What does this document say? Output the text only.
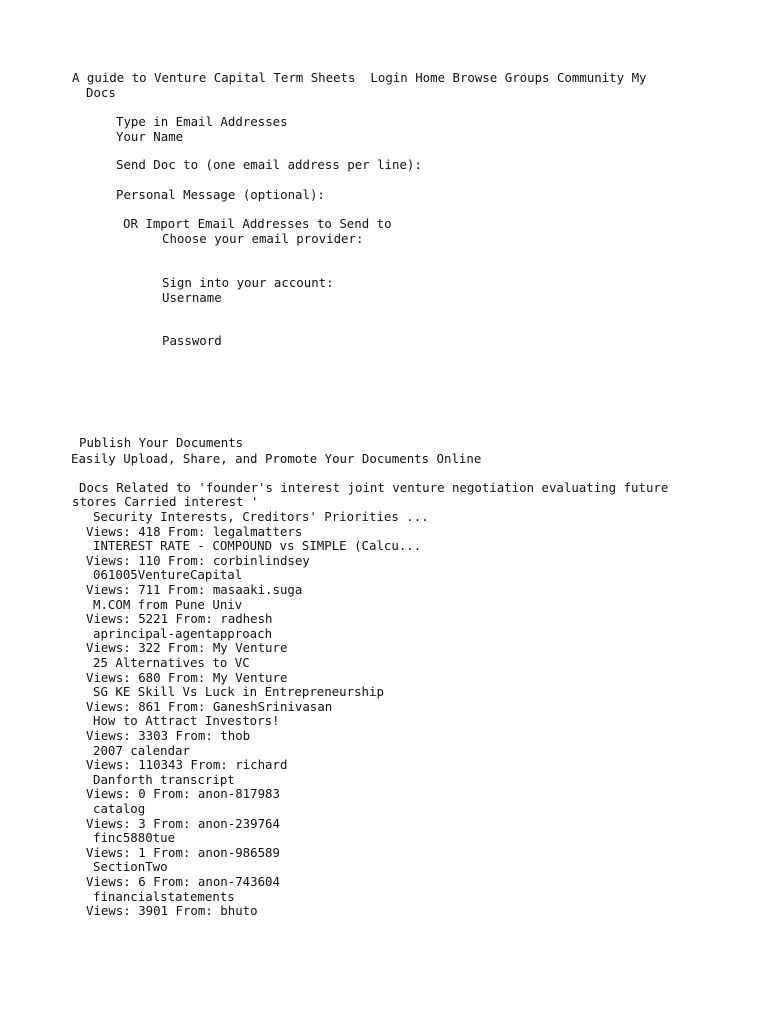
A guide to Venture Capital Term Sheets Login Home Browse Groups Community My
Docs
Type in Email Addresses
Your Name
Send Doc to (one email address per line):
Personal Message (optional):
OR Import Email Addresses to Send to
Choose your email provider:
Sign into your account:
Username
Password
Publish Your Documents
Easily Upload, Share, and Promote Your Documents Online
Docs Related to 'founder's interest joint venture negotiation evaluating future
stores Carried interest '
Security Interests, Creditors' Priorities ...
Views: 418 From: legalmatters
INTEREST RATE - COMPOUND vs SIMPLE (Calcu...
Views: 110 From: corbinlindsey
061005VentureCapital
Views: 711 From: masaaki.suga
M.COM from Pune Univ
Views: 5221 From: radhesh
aprincipal-agentapproach
Views: 322 From: My Venture
25 Alternatives to VC
Views: 680 From: My Venture
SG KE Skill Vs Luck in Entrepreneurship
Views: 861 From: GaneshSrinivasan
How to Attract Investors!
Views: 3303 From: thob
2007 calendar
Views: 110343 From: richard
Danforth transcript
Views: 0 From: anon-817983
catalog
Views: 3 From: anon-239764
finc5880tue
Views: 1 From: anon-986589
SectionTwo
Views: 6 From: anon-743604
financialstatements
Views: 3901 From: bhuto
